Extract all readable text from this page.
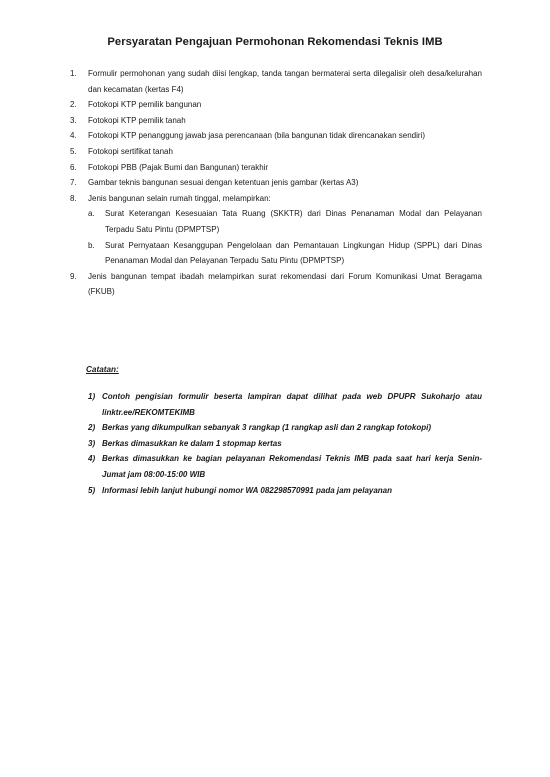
Persyaratan Pengajuan Permohonan Rekomendasi Teknis IMB
1. Formulir permohonan yang sudah diisi lengkap, tanda tangan bermaterai serta dilegalisir oleh desa/kelurahan dan kecamatan (kertas F4)
2. Fotokopi KTP pemilik bangunan
3. Fotokopi KTP pemilik tanah
4. Fotokopi KTP penanggung jawab jasa perencanaan (bila bangunan tidak direncanakan sendiri)
5. Fotokopi sertifikat tanah
6. Fotokopi PBB (Pajak Bumi dan Bangunan) terakhir
7. Gambar teknis bangunan sesuai dengan ketentuan jenis gambar (kertas A3)
8. Jenis bangunan selain rumah tinggal, melampirkan:
a. Surat Keterangan Kesesuaian Tata Ruang (SKKTR) dari Dinas Penanaman Modal dan Pelayanan Terpadu Satu Pintu (DPMPTSP)
b. Surat Pernyataan Kesanggupan Pengelolaan dan Pemantauan Lingkungan Hidup (SPPL) dari Dinas Penanaman Modal dan Pelayanan Terpadu Satu Pintu (DPMPTSP)
9. Jenis bangunan tempat ibadah melampirkan surat rekomendasi dari Forum Komunikasi Umat Beragama (FKUB)
Catatan:
1) Contoh pengisian formulir beserta lampiran dapat dilihat pada web DPUPR Sukoharjo atau linktr.ee/REKOMTEKIMB
2) Berkas yang dikumpulkan sebanyak 3 rangkap (1 rangkap asli dan 2 rangkap fotokopi)
3) Berkas dimasukkan ke dalam 1 stopmap kertas
4) Berkas dimasukkan ke bagian pelayanan Rekomendasi Teknis IMB pada saat hari kerja Senin-Jumat jam 08:00-15:00 WIB
5) Informasi lebih lanjut hubungi nomor WA 082298570991 pada jam pelayanan
